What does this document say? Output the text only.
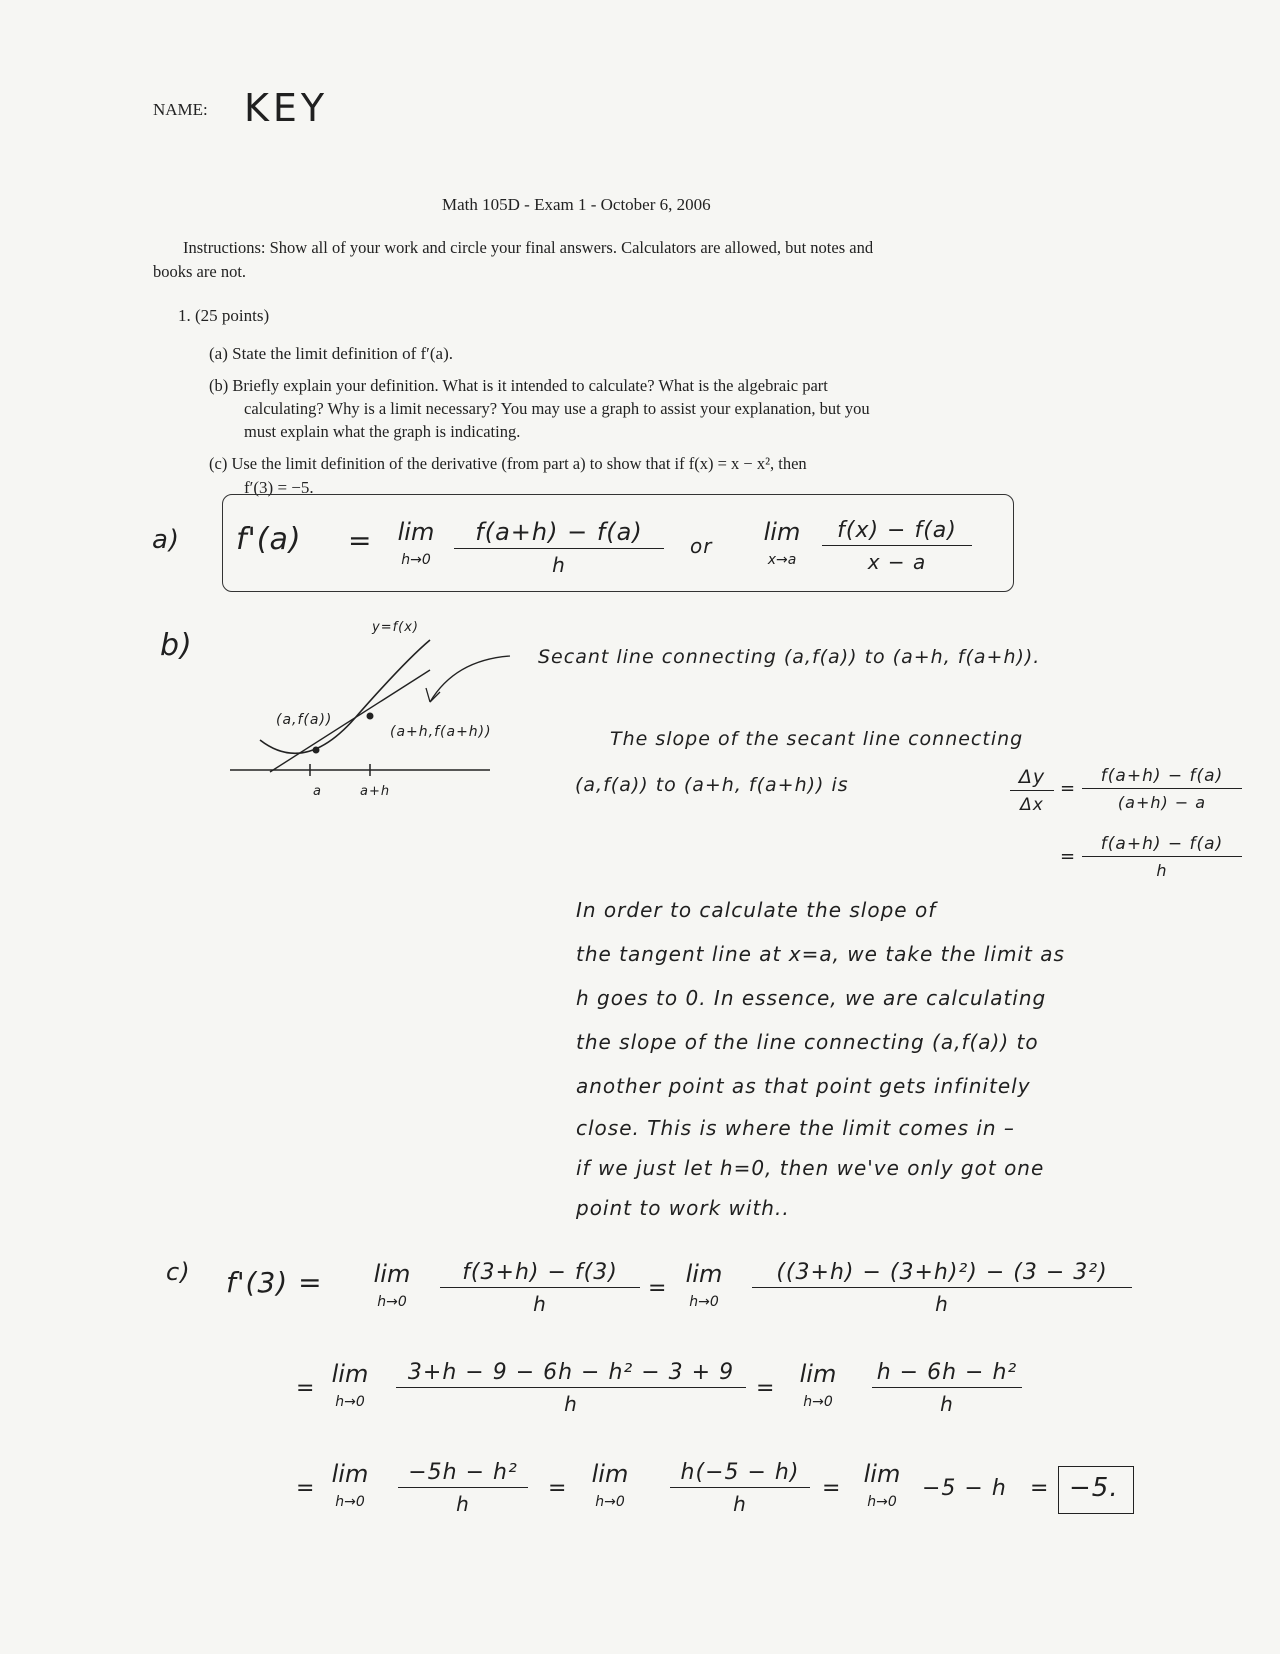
NAME: KEY
Math 105D - Exam 1 - October 6, 2006
Instructions: Show all of your work and circle your final answers. Calculators are allowed, but notes and
books are not.
1. (25 points)
(a) State the limit definition of f′(a).
(b) Briefly explain your definition. What is it intended to calculate? What is the algebraic part
calculating? Why is a limit necessary? You may use a graph to assist your explanation, but you
must explain what the graph is indicating.
(c) Use the limit definition of the derivative (from part a) to show that if f(x) = x − x², then
f′(3) = −5.
a) f'(a) =	lim
h→0
f(a+h) − f(a)
h
or	lim
x→a	$\frac{f(x) - f(a)}{x - a}$
b)
y=f(x)
(a,f(a))
(a+h,f(a+h))
a	a+h
Secant line connecting (a,f(a)) to (a+h, f(a+h)).
The slope of the secant line connecting
(a,f(a)) to (a+h, f(a+h)) is	$\frac{\Delta y}{\Delta x} = \frac{f(a+h) - f(a)}{(a+h) - a}$
= $\frac{f(a+h) - f(a)}{h}$
In order to calculate the slope of
the tangent line at x=a, we take the limit as
h goes to 0. In essence, we are calculating
the slope of the line connecting (a,f(a)) to
another point as that point gets infinitely
close. This is where the limit comes in –
if we just let h=0, then we've only got one
point to work with..
c) f'(3) =	lim
h→0	$\frac{f(3+h) - f(3)}{h}$ =
lim
h→0	$\frac{\text{((3+h) − (3+h)²) − (3 − 3²)}}{h}$
=
lim
h→0	$\frac{\text{3+h − 9 − 6h − h² − 3 + 9}}{h}$ =
lim
h→0	$\frac{\text{h − 6h − h²}}{h}$
=
lim
h→0	$\frac{\text{−5h − h²}}{h}$ =
lim
h→0	$\frac{h(-5 - h)}{h}$ =
lim
h→0
−5 − h = −5.
